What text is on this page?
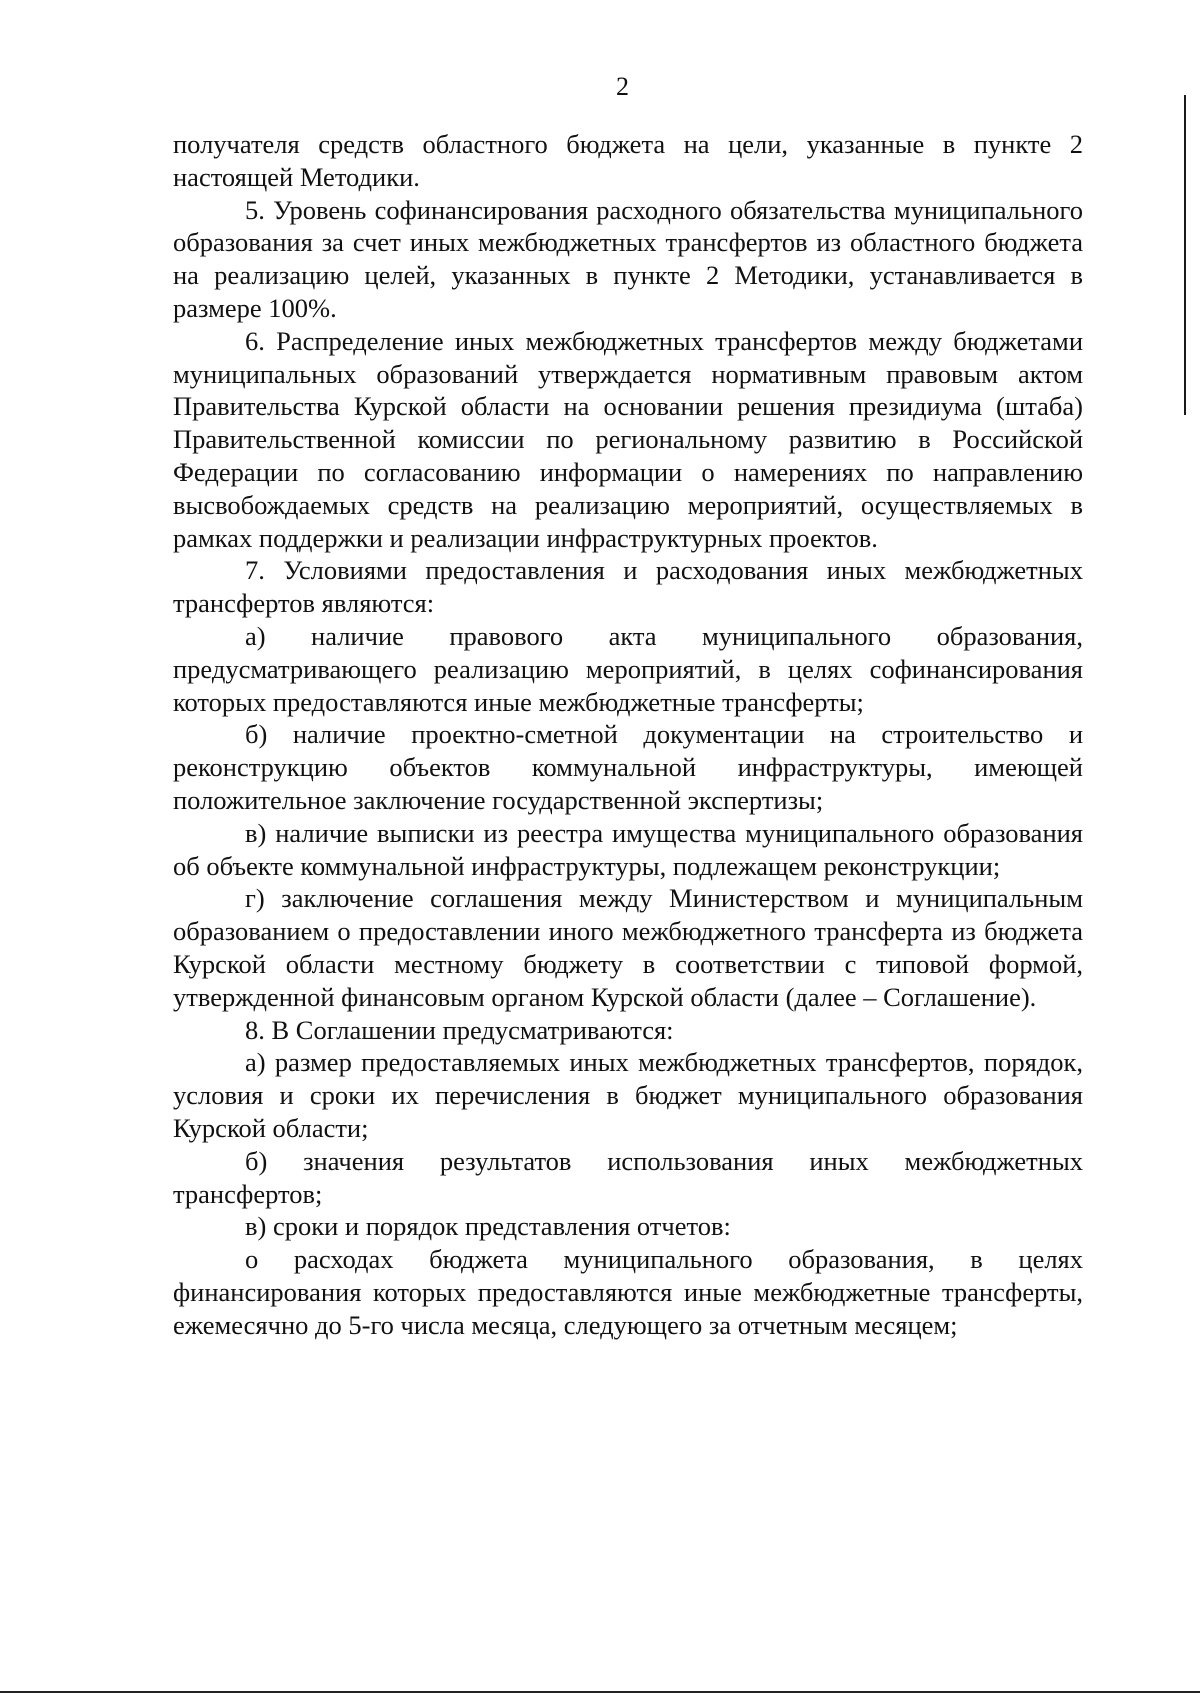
2

получателя средств областного бюджета на цели, указанные в пункте 2 настоящей Методики.

5. Уровень софинансирования расходного обязательства муниципального образования за счет иных межбюджетных трансфертов из областного бюджета на реализацию целей, указанных в пункте 2 Методики, устанавливается в размере 100%.

6. Распределение иных межбюджетных трансфертов между бюджетами муниципальных образований утверждается нормативным правовым актом Правительства Курской области на основании решения президиума (штаба) Правительственной комиссии по региональному развитию в Российской Федерации по согласованию информации о намерениях по направлению высвобождаемых средств на реализацию мероприятий, осуществляемых в рамках поддержки и реализации инфраструктурных проектов.

7. Условиями предоставления и расходования иных межбюджетных трансфертов являются:

а) наличие правового акта муниципального образования, предусматривающего реализацию мероприятий, в целях софинансирования которых предоставляются иные межбюджетные трансферты;

б) наличие проектно-сметной документации на строительство и реконструкцию объектов коммунальной инфраструктуры, имеющей положительное заключение государственной экспертизы;

в) наличие выписки из реестра имущества муниципального образования об объекте коммунальной инфраструктуры, подлежащем реконструкции;

г) заключение соглашения между Министерством и муниципальным образованием о предоставлении иного межбюджетного трансферта из бюджета Курской области местному бюджету в соответствии с типовой формой, утвержденной финансовым органом Курской области (далее – Соглашение).

8. В Соглашении предусматриваются:

а) размер предоставляемых иных межбюджетных трансфертов, порядок, условия и сроки их перечисления в бюджет муниципального образования Курской области;

б) значения результатов использования иных межбюджетных трансфертов;

в) сроки и порядок представления отчетов:

о расходах бюджета муниципального образования, в целях финансирования которых предоставляются иные межбюджетные трансферты, ежемесячно до 5-го числа месяца, следующего за отчетным месяцем;
